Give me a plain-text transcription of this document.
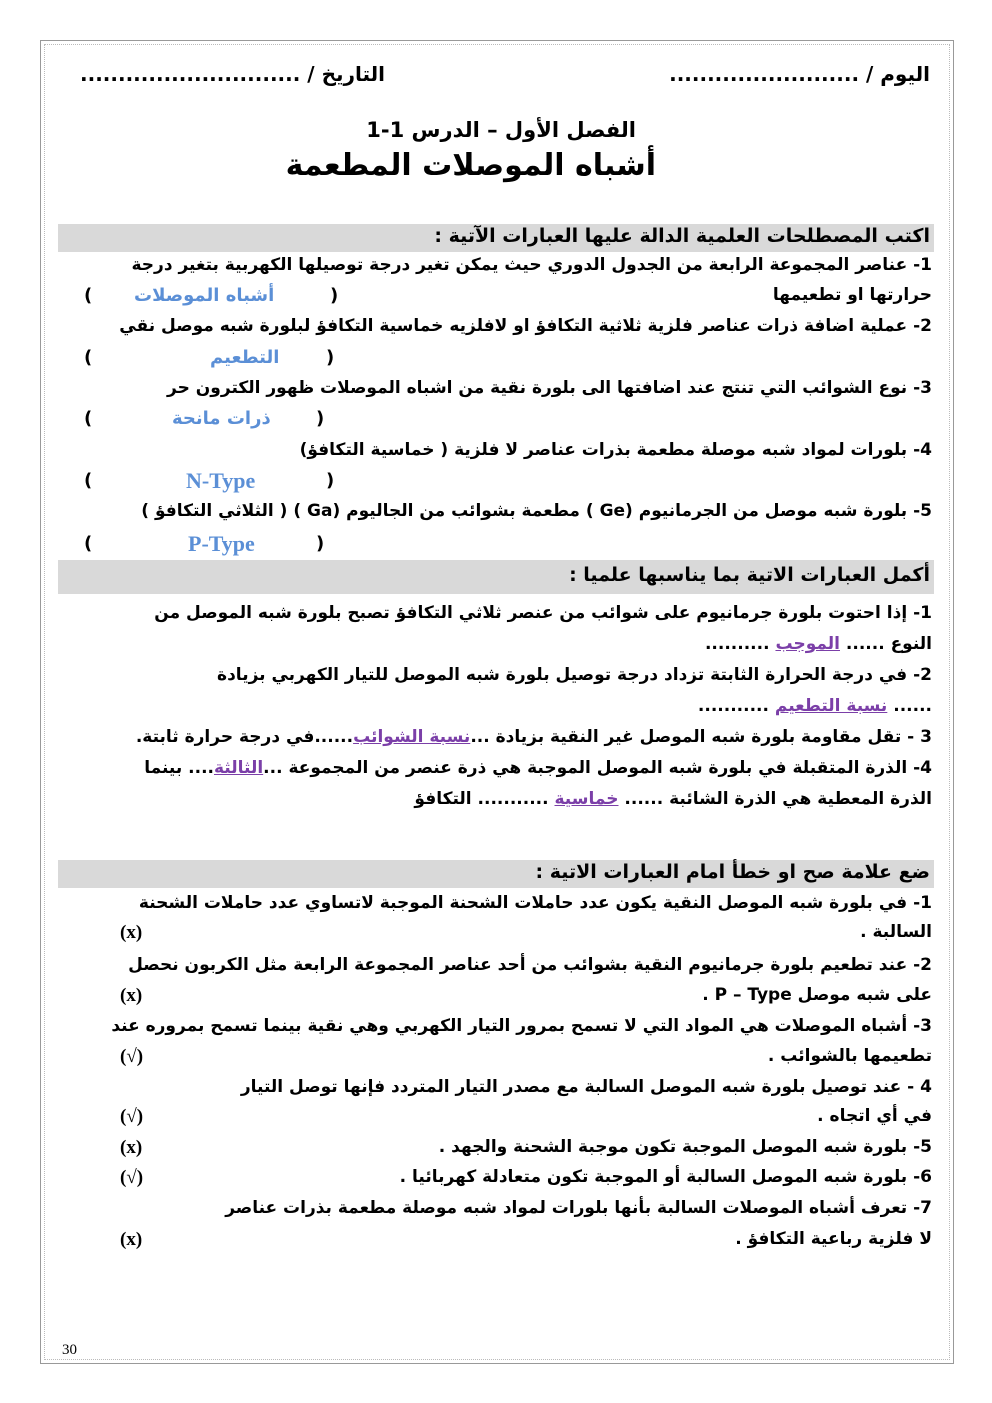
اليوم / .........................
التاريخ / .............................
الفصل الأول – الدرس 1-1
أشباه الموصلات المطعمة
اكتب المصطلحات العلمية الدالة عليها العبارات الآتية :
1- عناصر المجموعة الرابعة من الجدول الدوري حيث يمكن تغير درجة توصيلها الكهربية بتغير درجة
حرارتها او تطعيمها
( أشباه الموصلات	)
2- عملية اضافة ذرات عناصر فلزية ثلاثية التكافؤ او لافلزيه خماسية التكافؤ لبلورة شبه موصل نقي
(	التطعيم	)
3- نوع الشوائب التي تنتج عند اضافتها الى بلورة نقية من اشباه الموصلات ظهور الكترون حر
(	ذرات مانحة	)
4- بلورات لمواد شبه موصلة مطعمة بذرات عناصر لا فلزية ( خماسية التكافؤ)
(	N-Type	)
5- بلورة شبه موصل من الجرمانيوم (Ge ) مطعمة بشوائب من الجاليوم (Ga ) ( الثلاثي التكافؤ )
(	P-Type	)
أكمل العبارات الاتية بما يناسبها علميا :
1- إذا احتوت بلورة جرمانيوم على شوائب من عنصر ثلاثي التكافؤ تصبح بلورة شبه الموصل من
النوع ...... الموجب ..........
2- في درجة الحرارة الثابتة تزداد درجة توصيل بلورة شبه الموصل للتيار الكهربي بزيادة
...... نسبة التطعيم ...........
3 - تقل مقاومة بلورة شبه الموصل غير النقية بزيادة ...نسبة الشوائب......في درجة حرارة ثابتة.
4- الذرة المتقبلة في بلورة شبه الموصل الموجبة هي ذرة عنصر من المجموعة ...الثالثة.... بينما
الذرة المعطية هي الذرة الشائبة ...... خماسية ........... التكافؤ
ضع علامة صح او خطأ امام العبارات الاتية :
1- في بلورة شبه الموصل النقية يكون عدد حاملات الشحنة الموجبة لاتساوي عدد حاملات الشحنة
السالبة .
(x)
2- عند تطعيم بلورة جرمانيوم النقية بشوائب من أحد عناصر المجموعة الرابعة مثل الكربون نحصل
على شبه موصل P – Type .
(x)
3- أشباه الموصلات هي المواد التي لا تسمح بمرور التيار الكهربي وهي نقية بينما تسمح بمروره عند
تطعيمها بالشوائب .
(√)
4 - عند توصيل بلورة شبه الموصل السالبة مع مصدر التيار المتردد فإنها توصل التيار
في أي اتجاه .
(√)
5- بلورة شبه الموصل الموجبة تكون موجبة الشحنة والجهد .
(x)
6- بلورة شبه الموصل السالبة أو الموجبة تكون متعادلة كهربائيا .
(√)
7- تعرف أشباه الموصلات السالبة بأنها بلورات لمواد شبه موصلة مطعمة بذرات عناصر
لا فلزية رباعية التكافؤ .
(x)
30
